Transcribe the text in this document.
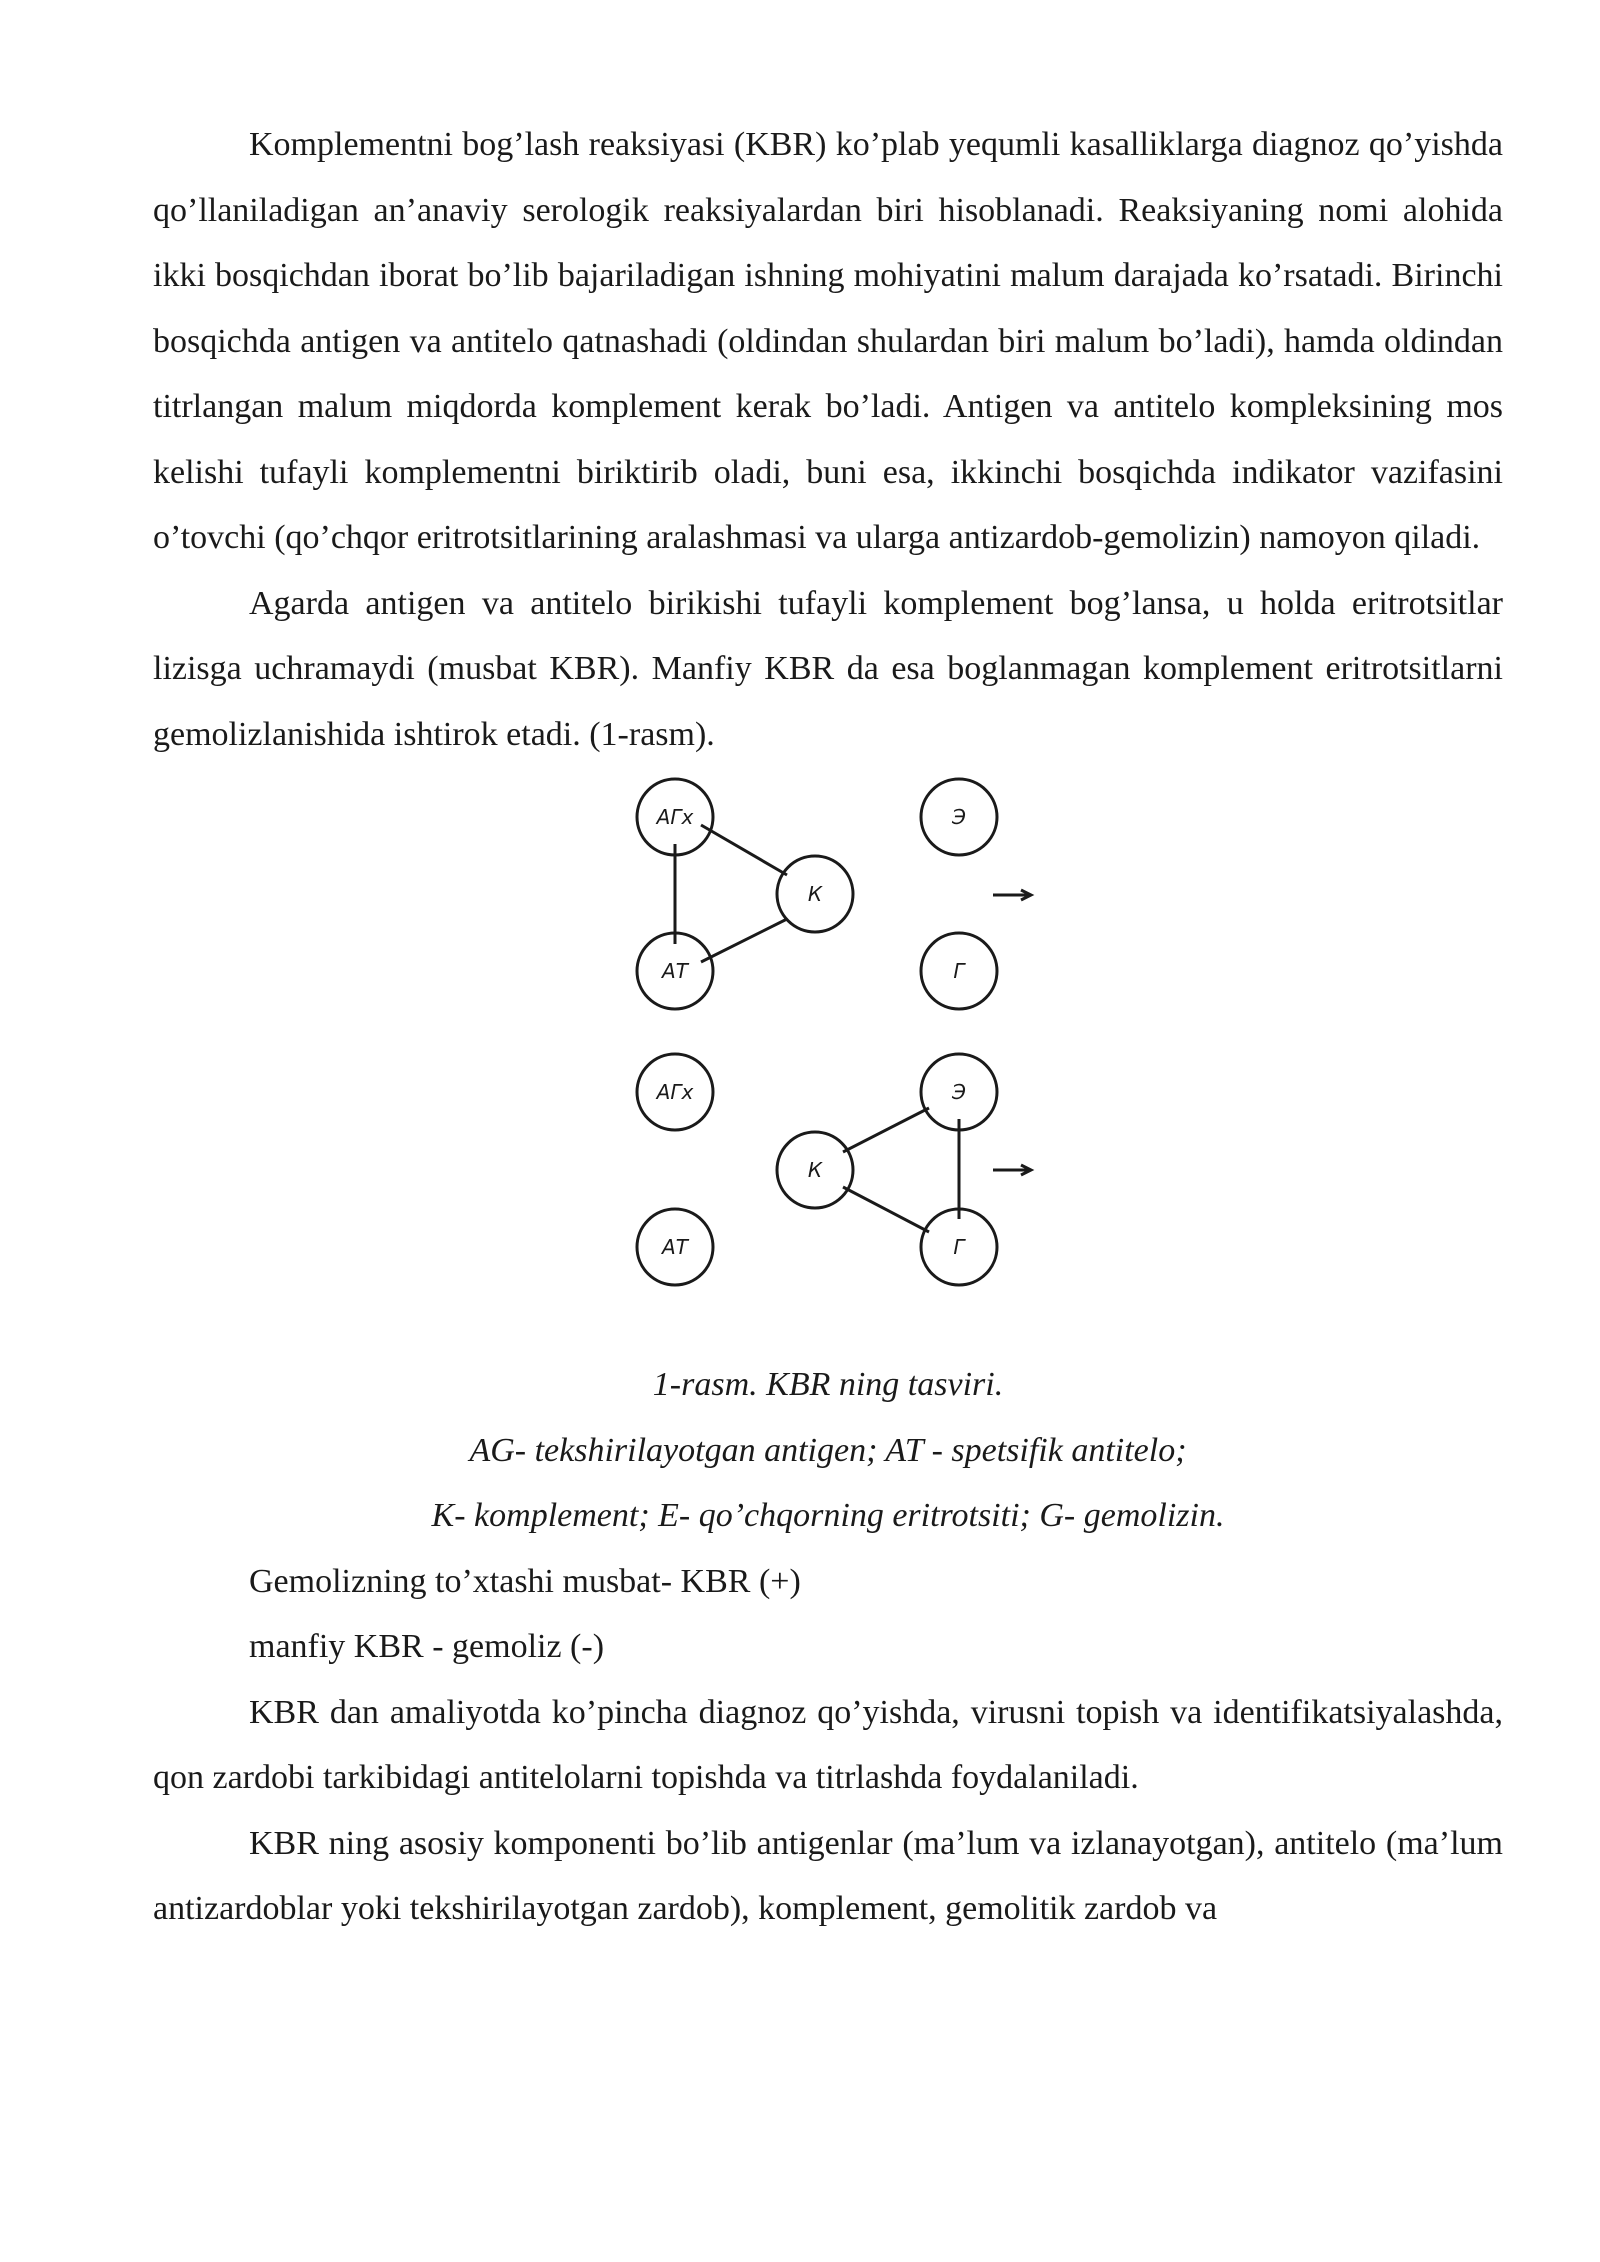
Komplementni bog’lash reaksiyasi (KBR) ko’plab yequmli kasalliklarga diagnoz qo’yishda qo’llaniladigan an’anaviy serologik reaksiyalardan biri hisoblanadi. Reaksiyaning nomi alohida ikki bosqichdan iborat bo’lib bajariladigan ishning mohiyatini malum darajada ko’rsatadi. Birinchi bosqichda antigen va antitelo qatnashadi (oldindan shulardan biri malum bo’ladi), hamda oldindan titrlangan malum miqdorda komplement kerak bo’ladi. Antigen va antitelo kompleksining mos kelishi tufayli komplementni biriktirib oladi, buni esa, ikkinchi bosqichda indikator vazifasini o’tovchi (qo’chqor eritrotsitlarining aralashmasi va ularga antizardob-gemolizin) namoyon qiladi.

Agarda antigen va antitelo birikishi tufayli komplement bog’lansa, u holda eritrotsitlar lizisga uchramaydi (musbat KBR). Manfiy KBR da esa boglanmagan komplement eritrotsitlarni gemolizlanishida ishtirok etadi. (1-rasm).

АГх
АТ
К
Э
Г
АГх
АТ
К
Э
Г

1-rasm. KBR ning tasviri.

AG- tekshirilayotgan antigen; AT - spetsifik antitelo;

K- komplement; E- qo’chqorning eritrotsiti; G- gemolizin.

Gemolizning to’xtashi musbat- KBR (+)

manfiy KBR - gemoliz (-)

KBR dan amaliyotda ko’pincha diagnoz qo’yishda, virusni topish va identifikatsiyalashda, qon zardobi tarkibidagi antitelolarni topishda va titrlashda foydalaniladi.

KBR ning asosiy komponenti bo’lib antigenlar (ma’lum va izlanayotgan), antitelo (ma’lum antizardoblar yoki tekshirilayotgan zardob), komplement, gemolitik zardob va
